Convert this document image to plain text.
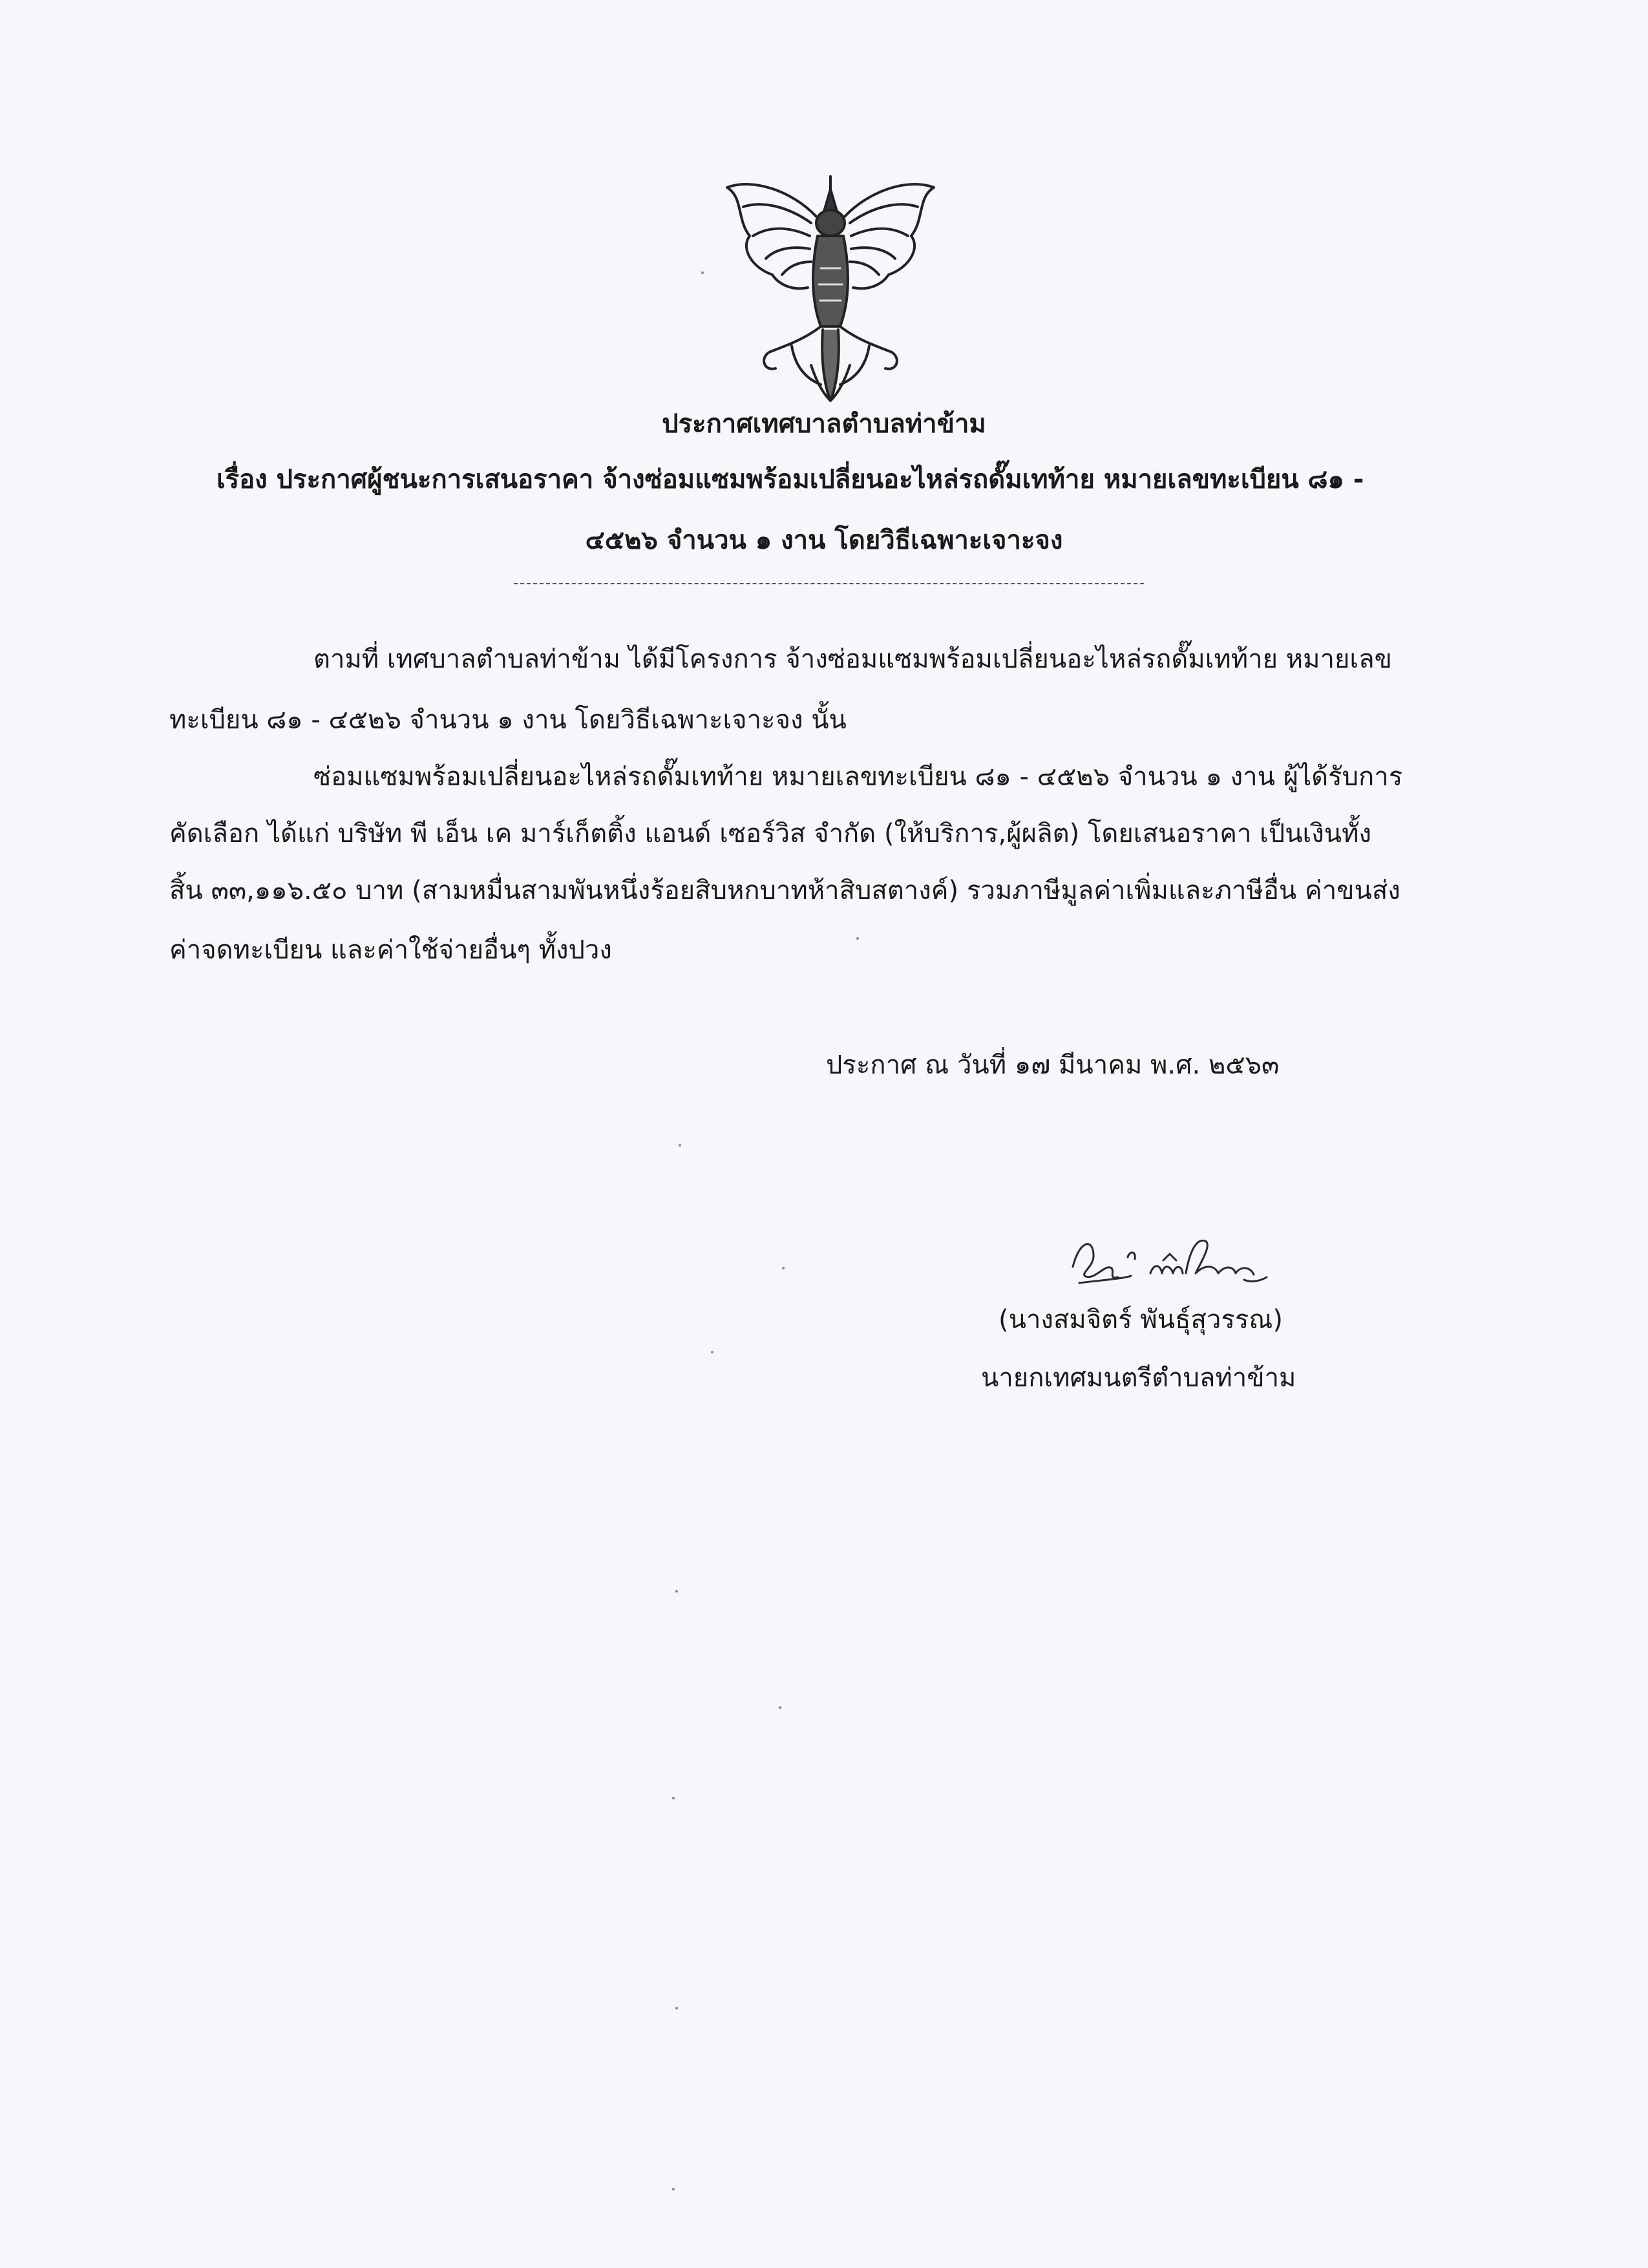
ประกาศเทศบาลตำบลท่าข้าม
เรื่อง ประกาศผู้ชนะการเสนอราคา จ้างซ่อมแซมพร้อมเปลี่ยนอะไหล่รถดั๊มเทท้าย หมายเลขทะเบียน ๘๑ -
๔๕๒๖ จำนวน ๑ งาน โดยวิธีเฉพาะเจาะจง
ตามที่ เทศบาลตำบลท่าข้าม ได้มีโครงการ จ้างซ่อมแซมพร้อมเปลี่ยนอะไหล่รถดั๊มเทท้าย หมายเลข
ทะเบียน ๘๑ - ๔๕๒๖ จำนวน ๑ งาน โดยวิธีเฉพาะเจาะจง นั้น
ซ่อมแซมพร้อมเปลี่ยนอะไหล่รถดั๊มเทท้าย หมายเลขทะเบียน ๘๑ - ๔๕๒๖ จำนวน ๑ งาน ผู้ได้รับการ
คัดเลือก ได้แก่ บริษัท พี เอ็น เค มาร์เก็ตติ้ง แอนด์ เซอร์วิส จำกัด (ให้บริการ,ผู้ผลิต) โดยเสนอราคา เป็นเงินทั้ง
สิ้น ๓๓,๑๑๖.๕๐ บาท (สามหมื่นสามพันหนึ่งร้อยสิบหกบาทห้าสิบสตางค์) รวมภาษีมูลค่าเพิ่มและภาษีอื่น ค่าขนส่ง
ค่าจดทะเบียน และค่าใช้จ่ายอื่นๆ ทั้งปวง
ประกาศ ณ วันที่ ๑๗ มีนาคม พ.ศ. ๒๕๖๓
(นางสมจิตร์ พันธุ์สุวรรณ)
นายกเทศมนตรีตำบลท่าข้าม
